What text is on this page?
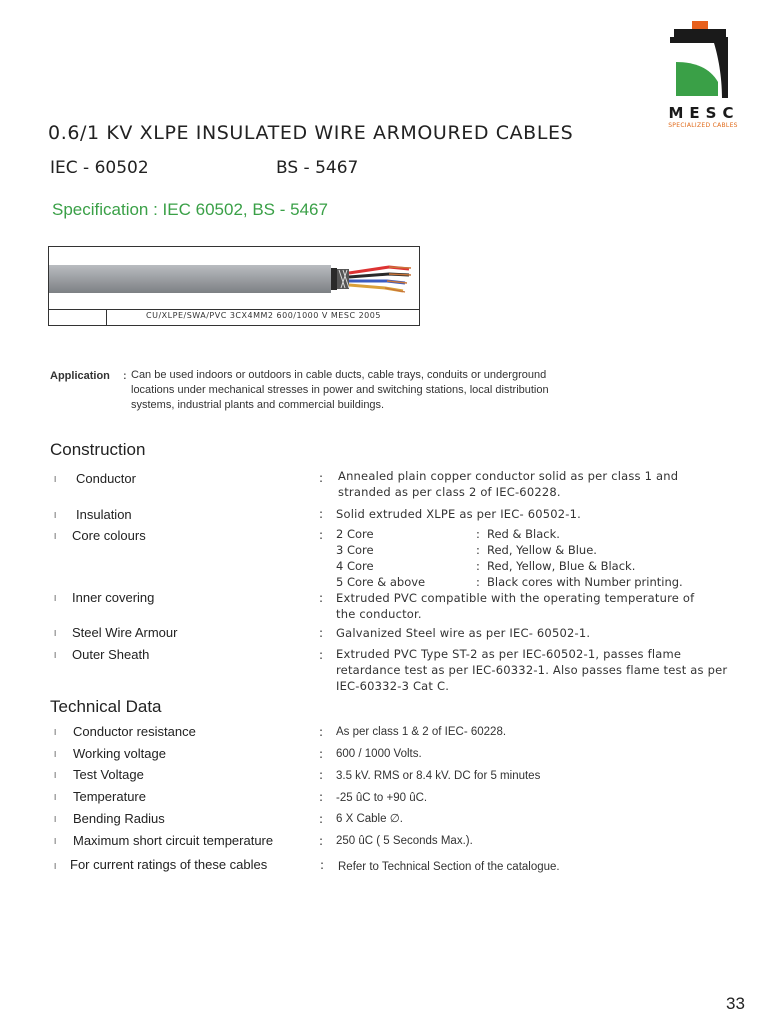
MESC
SPECIALIZED CABLES
0.6/1 KV XLPE INSULATED WIRE ARMOURED CABLES
IEC - 60502	BS - 5467
Specification : IEC 60502, BS - 5467
CU/XLPE/SWA/PVC 3CX4MM2 600/1000 V MESC 2005
Application : Can be used indoors or outdoors in cable ducts, cable trays, conduits or underground
locations under mechanical stresses in power and switching stations, local distribution
systems, industrial plants and commercial buildings.
Construction
l Conductor	: Annealed plain copper conductor solid as per class 1 and
stranded as per class 2 of IEC-60228.
l Insulation	: Solid extruded XLPE as per IEC- 60502-1.
l Core colours	: 2 Core	: Red & Black.
3 Core	: Red, Yellow & Blue.
4 Core	: Red, Yellow, Blue & Black.
5 Core & above	: Black cores with Number printing.
l Inner covering	: Extruded PVC compatible with the operating temperature of
the conductor.
l Steel Wire Armour	: Galvanized Steel wire as per IEC- 60502-1.
l Outer Sheath	: Extruded PVC Type ST-2 as per IEC-60502-1, passes flame
retardance test as per IEC-60332-1. Also passes flame test as per
IEC-60332-3 Cat C.
Technical Data
l Conductor resistance	: As per class 1 & 2 of IEC- 60228.
l Working voltage	: 600 / 1000 Volts.
l Test Voltage	: 3.5 kV. RMS or 8.4 kV. DC for 5 minutes
l Temperature	: -25 ûC to +90 ûC.
l Bending Radius	: 6 X Cable ∅.
l Maximum short circuit temperature	: 250 ûC ( 5 Seconds Max.).
l For current ratings of these cables	: Refer to Technical Section of the catalogue.
33
